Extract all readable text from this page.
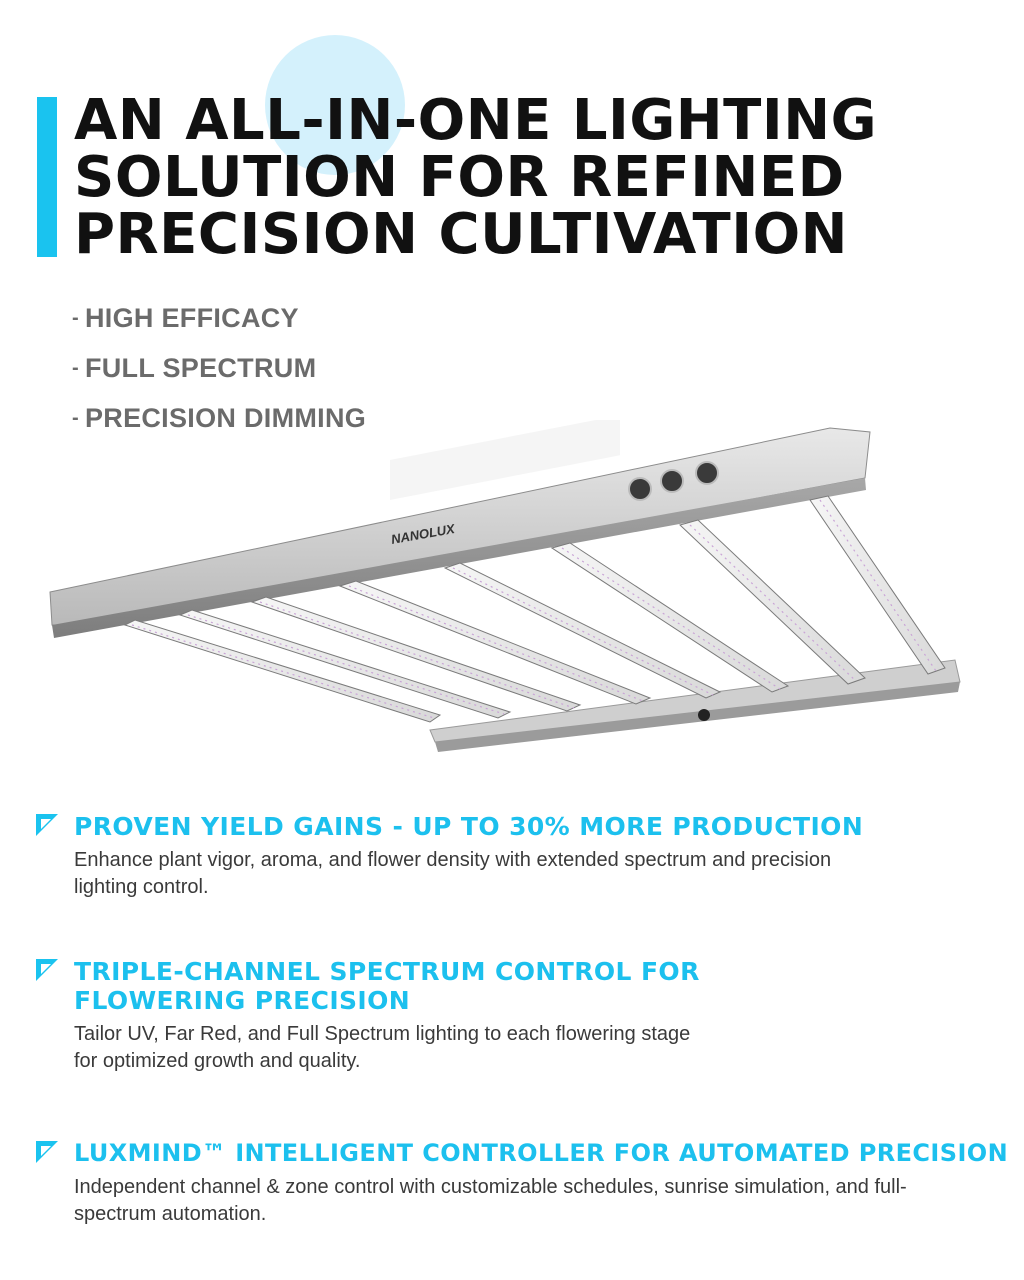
AN ALL-IN-ONE LIGHTING
SOLUTION FOR REFINED
PRECISION CULTIVATION
- HIGH EFFICACY
- FULL SPECTRUM
- PRECISION DIMMING
NANOLUX
PROVEN YIELD GAINS - UP TO 30% MORE PRODUCTION

Enhance plant vigor, aroma, and flower density with extended spectrum and precision lighting control.

TRIPLE-CHANNEL SPECTRUM CONTROL FOR FLOWERING PRECISION

Tailor UV, Far Red, and Full Spectrum lighting to each flowering stage for optimized growth and quality.

LUXMIND™ INTELLIGENT CONTROLLER FOR AUTOMATED PRECISION

Independent channel & zone control with customizable schedules, sunrise simulation, and full-spectrum automation.
